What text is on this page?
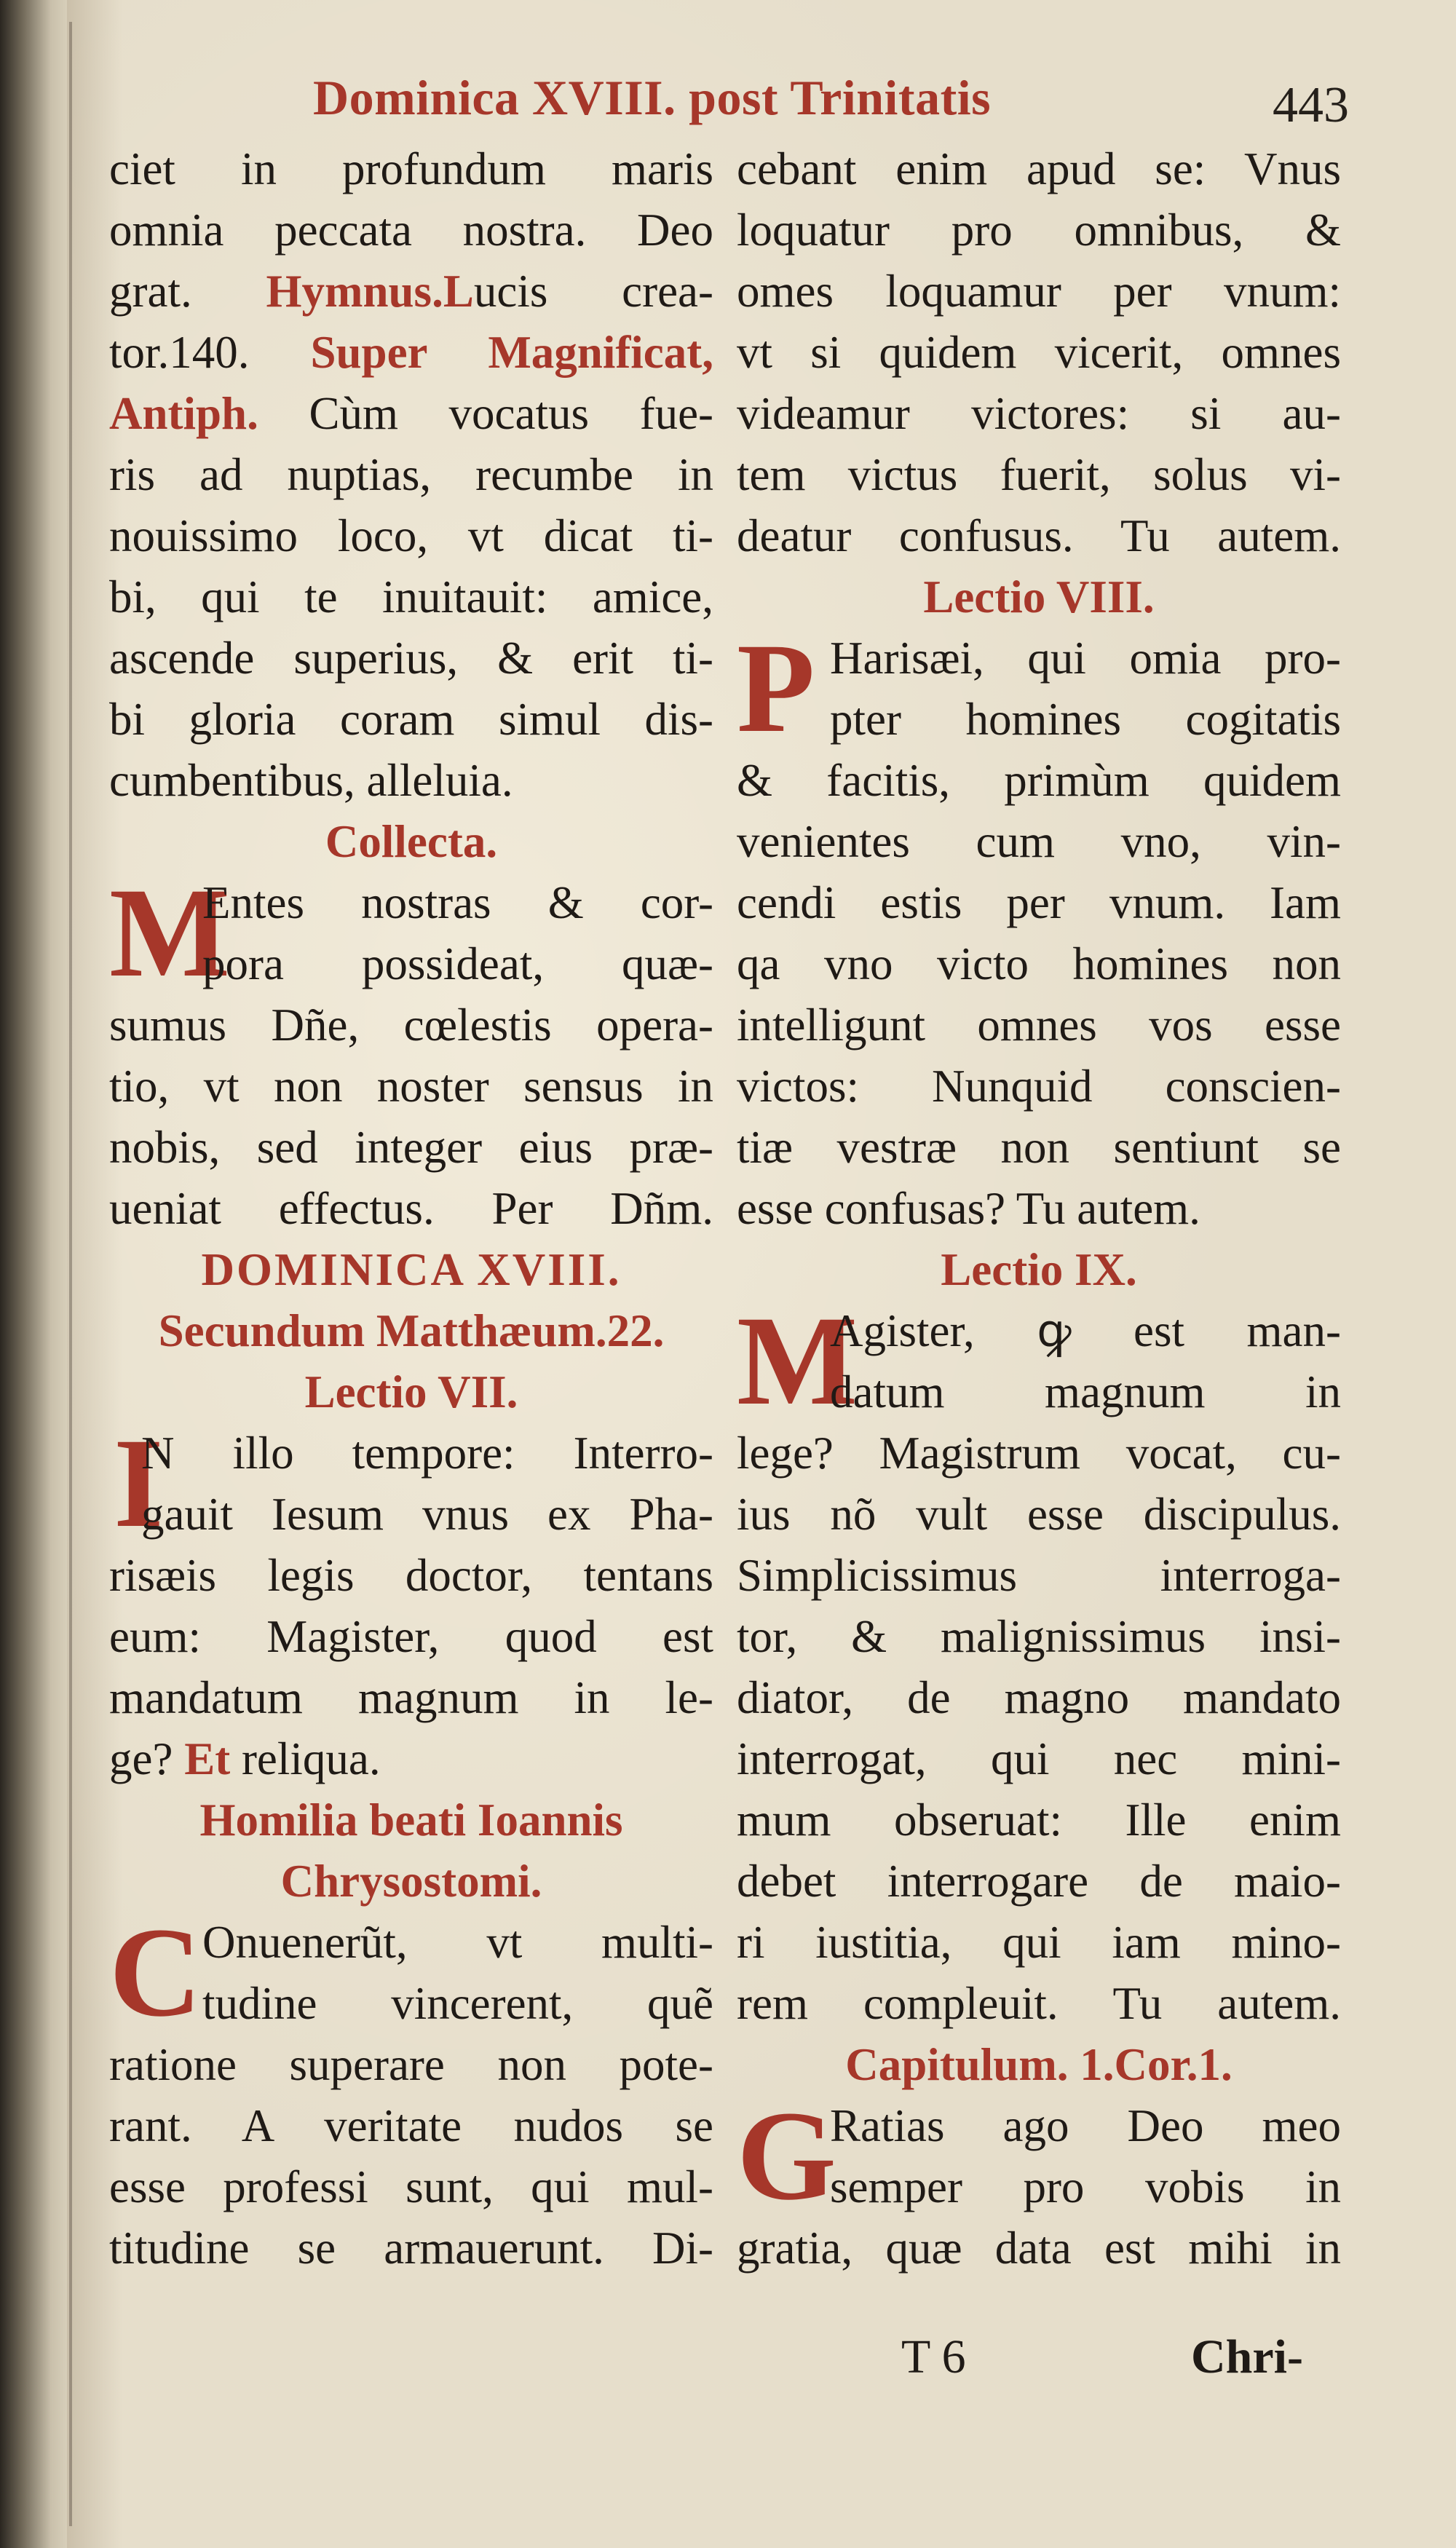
Dominica XVIII. post Trinitatis	443
ciet in profundum maris
omnia peccata nostra. Deo
grat. Hymnus.Lucis crea-
tor.140. Super Magnificat,
Antiph. Cùm vocatus fue-
ris ad nuptias, recumbe in
nouissimo loco, vt dicat ti-
bi, qui te inuitauit: amice,
ascende superius, & erit ti-
bi gloria coram simul dis-
cumbentibus, alleluia.
Collecta.
M
Entes nostras & cor-
pora possideat, quæ-
sumus Dñe, cœlestis opera-
tio, vt non noster sensus in
nobis, sed integer eius præ-
ueniat effectus. Per Dñm.
DOMINICA XVIII.
Secundum Matthæum.22.
Lectio VII.
I
N illo tempore: Interro-
gauit Iesum vnus ex Pha-
risæis legis doctor, tentans
eum: Magister, quod est
mandatum magnum in le-
ge? Et reliqua.
Homilia beati Ioannis
Chrysostomi.
C Onuenerũt, vt multi-
tudine vincerent, quẽ
ratione superare non pote-
rant. A veritate nudos se
esse professi sunt, qui mul-
titudine se armauerunt. Di-
cebant enim apud se: Vnus
loquatur pro omnibus, &
omes loquamur per vnum:
vt si quidem vicerit, omnes
videamur victores: si au-
tem victus fuerit, solus vi-
deatur confusus. Tu autem.
Lectio VIII.
P Harisæi, qui omia pro-
pter homines cogitatis
& facitis, primùm quidem
venientes cum vno, vin-
cendi estis per vnum. Iam
qa vno victo homines non
intelligunt omnes vos esse
victos: Nunquid conscien-
tiæ vestræ non sentiunt se
esse confusas? Tu autem.
Lectio IX.
M
Agister, ꝙ est man-
datum magnum in
lege? Magistrum vocat, cu-
ius nõ vult esse discipulus.
Simplicissimus interroga-
tor, & malignissimus insi-
diator, de magno mandato
interrogat, qui nec mini-
mum obseruat: Ille enim
debet interrogare de maio-
ri iustitia, qui iam mino-
rem compleuit. Tu autem.
Capitulum. 1.Cor.1.
G
Ratias ago Deo meo
semper pro vobis in
gratia, quæ data est mihi in
T 6	Chri-
